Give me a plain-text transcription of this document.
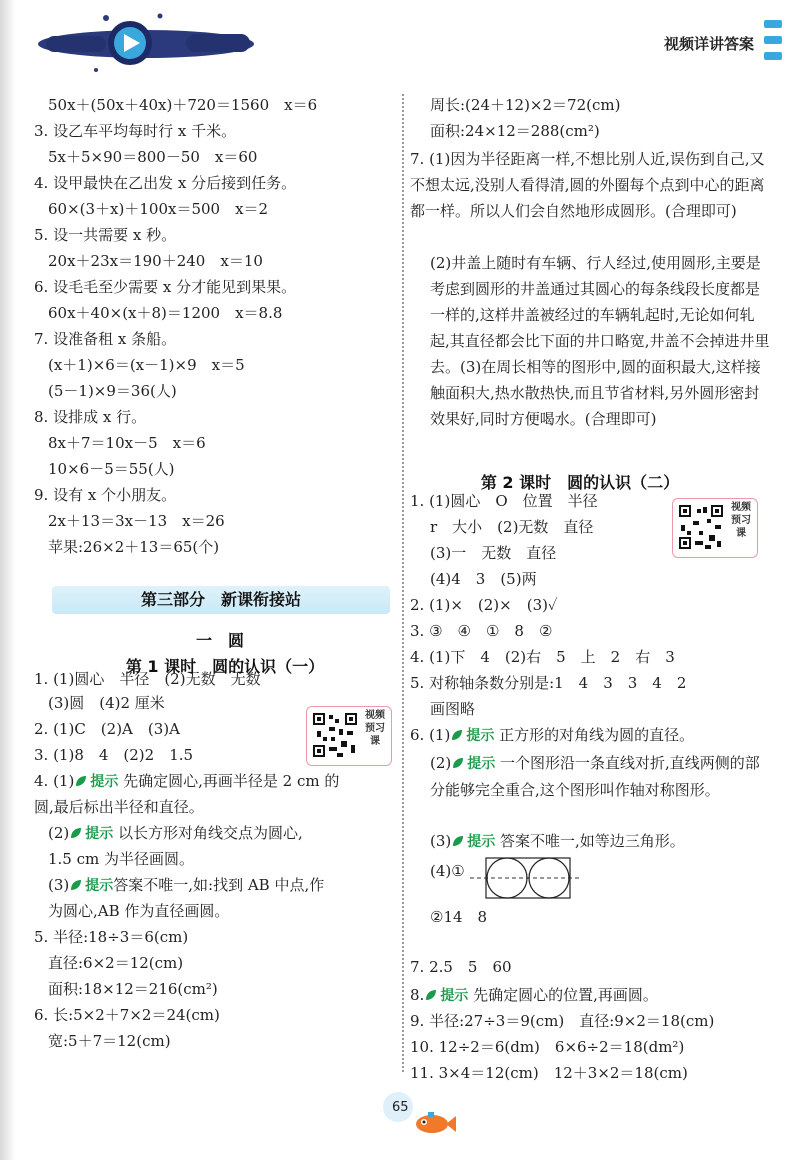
视频详讲答案
50x＋(50x＋40x)＋720＝1560　x＝6
3. 设乙车平均每时行 x 千米。
5x＋5×90＝800－50　x＝60
4. 设甲最快在乙出发 x 分后接到任务。
60×(3＋x)＋100x＝500　x＝2
5. 设一共需要 x 秒。
20x＋23x＝190＋240　x＝10
6. 设毛毛至少需要 x 分才能见到果果。
60x＋40×(x＋8)＝1200　x＝8.8
7. 设准备租 x 条船。
(x＋1)×6＝(x－1)×9　x＝5
(5－1)×9＝36(人)
8. 设排成 x 行。
8x＋7＝10x－5　x＝6
10×6－5＝55(人)
9. 设有 x 个小朋友。
2x＋13＝3x－13　x＝26
苹果:26×2＋13＝65(个)
1. (1)圆心　半径　(2)无数　无数
(3)圆　(4)2 厘米
2. (1)C　(2)A　(3)A
3. (1)8　4　(2)2　1.5
4. (1) 提示 先确定圆心,再画半径是 2 cm 的
圆,最后标出半径和直径。
(2) 提示 以长方形对角线交点为圆心,
1.5 cm 为半径画圆。
(3) 提示答案不唯一,如:找到 AB 中点,作
为圆心,AB 作为直径画圆。
5. 半径:18÷3＝6(cm)
直径:6×2＝12(cm)
面积:18×12＝216(cm²)
6. 长:5×2＋7×2＝24(cm)
宽:5＋7＝12(cm)
第三部分　新课衔接站
一　圆
第 1 课时　圆的认识（一）
视频预习课
周长:(24＋12)×2＝72(cm)
面积:24×12＝288(cm²)
7. (1)因为半径距离一样,不想比别人近,误伤到自己,又不想太远,没别人看得清,圆的外圈每个点到中心的距离都一样。所以人们会自然地形成圆形。(合理即可)
(2)井盖上随时有车辆、行人经过,使用圆形,主要是考虑到圆形的井盖通过其圆心的每条线段长度都是一样的,这样井盖被经过的车辆轧起时,无论如何轧起,其直径都会比下面的井口略宽,井盖不会掉进井里去。(3)在周长相等的图形中,圆的面积最大,这样接触面积大,热水散热快,而且节省材料,另外圆形密封效果好,同时方便喝水。(合理即可)
1. (1)圆心　O　位置　半径
r　大小　(2)无数　直径
(3)一　无数　直径
(4)4　3　(5)两
2. (1)×　(2)×　(3)✓
3. ③　④　①　8　②
4. (1)下　4　(2)右　5　上　2　右　3
5. 对称轴条数分别是:1　4　3　3　4　2
画图略
6. (1) 提示 正方形的对角线为圆的直径。
(2) 提示 一个图形沿一条直线对折,直线两侧的部分能够完全重合,这个图形叫作轴对称图形。
(3) 提示 答案不唯一,如等边三角形。
(4)①
②14　8
7. 2.5　5　60
8. 提示 先确定圆心的位置,再画圆。
9. 半径:27÷3＝9(cm)　直径:9×2＝18(cm)
10. 12÷2＝6(dm)　6×6÷2＝18(dm²)
11. 3×4＝12(cm)　12＋3×2＝18(cm)
第 2 课时　圆的认识（二）
视频预习课
65
